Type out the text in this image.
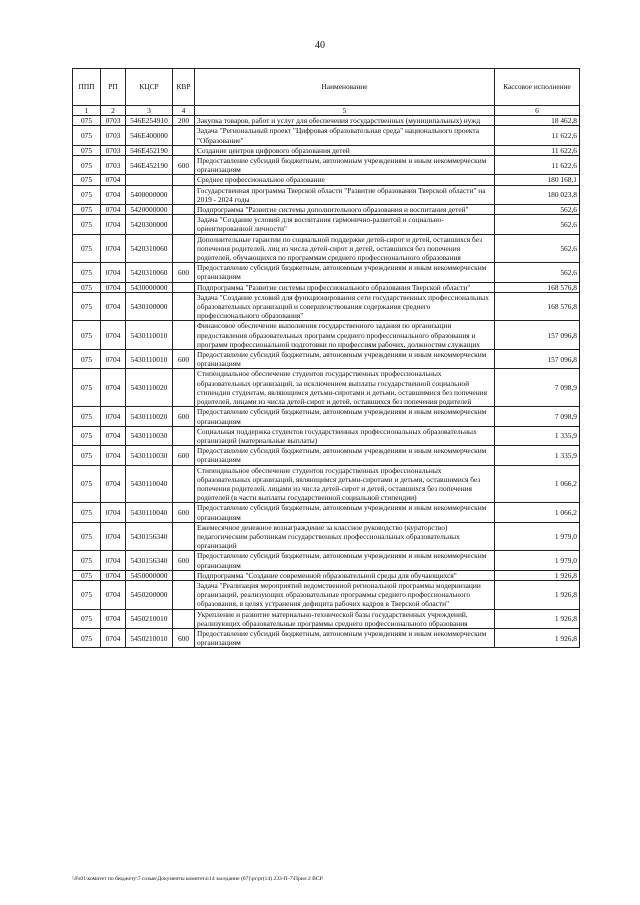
40
ППП	РП	КЦСР	КВР	Наименование	Кассовое исполнение
1	2	3	4	5	6
075	0703	546E254910	200	Закупка товаров, работ и услуг для обеспечения государственных (муниципальных) нужд	18 462,8
075	0703	546E400000		Задача "Региональный проект "Цифровая образовательная среда" национального проекта "Образование"	11 622,6
075	0703	546E452190		Создание центров цифрового образования детей	11 622,6
075	0703	546E452190	600	Предоставление субсидий бюджетным, автономным учреждениям и иным некоммерческим организациям	11 622,6
075	0704			Среднее профессиональное образование	180 168,1
075	0704	5400000000		Государственная программа Тверской области "Развитие образования Тверской области" на 2019 - 2024 годы	180 023,8
075	0704	5420000000		Подпрограмма "Развитие системы дополнительного образования и воспитания детей"	562,6
075	0704	5420300000		Задача "Создание условий для воспитания гармонично-развитой и социально-ориентированной личности"	562,6
075	0704	5420310060		Дополнительные гарантии по социальной поддержке детей-сирот и детей, оставшихся без попечения родителей, лиц из числа детей-сирот и детей, оставшихся без попечения родителей, обучающихся по программам среднего профессионального образования	562,6
075	0704	5420310060	600	Предоставление субсидий бюджетным, автономным учреждениям и иным некоммерческим организациям	562,6
075	0704	5430000000		Подпрограмма "Развитие системы профессионального образования Тверской области"	168 576,8
075	0704	5430100000		Задача "Создание условий для функционирования сети государственных профессиональных образовательных организаций и совершенствования содержания среднего профессионального образования"	168 576,8
075	0704	5430110010		Финансовое обеспечение выполнения государственного задания по организации предоставления образовательных программ среднего профессионального образования и программ профессиональной подготовки по профессиям рабочих, должностям служащих	157 096,8
075	0704	5430110010	600	Предоставление субсидий бюджетным, автономным учреждениям и иным некоммерческим организациям	157 096,8
075	0704	5430110020		Стипендиальное обеспечение студентов государственных профессиональных образовательных организаций, за исключением выплаты государственной социальной стипендии студентам, являющимся детьми-сиротами и детьми, оставшимися без попечения родителей, лицами из числа детей-сирот и детей, оставшихся без попечения родителей	7 098,9
075	0704	5430110020	600	Предоставление субсидий бюджетным, автономным учреждениям и иным некоммерческим организациям	7 098,9
075	0704	5430110030		Социальная поддержка студентов государственных профессиональных образовательных организаций (материальные выплаты)	1 335,9
075	0704	5430110030	600	Предоставление субсидий бюджетным, автономным учреждениям и иным некоммерческим организациям	1 335,9
075	0704	5430110040		Стипендиальное обеспечение студентов государственных профессиональных образовательных организаций, являющимся детьми-сиротами и детьми, оставшимися без попечения родителей, лицами из числа детей-сирот и детей, оставшихся без попечения родителей (в части выплаты государственной социальной стипендии)	1 066,2
075	0704	5430110040	600	Предоставление субсидий бюджетным, автономным учреждениям и иным некоммерческим организациям	1 066,2
075	0704	5430156340		Ежемесячное денежное вознаграждение за классное руководство (кураторство) педагогическим работникам государственных профессиональных образовательных организаций	1 979,0
075	0704	5430156340	600	Предоставление субсидий бюджетным, автономным учреждениям и иным некоммерческим организациям	1 979,0
075	0704	5450000000		Подпрограмма "Создание современной образовательной среды для обучающихся"	1 926,8
075	0704	5450200000		Задача "Реализация мероприятий ведомственной региональной программы модернизации организаций, реализующих образовательные программы среднего профессионального образования, в целях устранения дефицита рабочих кадров в Тверской области"	1 926,8
075	0704	5450210010		Укрепление и развитие материально-технической базы государственных учреждений, реализующих образовательные программы среднего профессионального образования	1 926,8
075	0704	5450210010	600	Предоставление субсидий бюджетным, автономным учреждениям и иным некоммерческим организациям	1 926,8
\\Fs01\комитет по бюджету\7 созыв\Документы комитета\14 заседание (07)\pr\pr(14) 233-П-7\Прил 2 ВСР
